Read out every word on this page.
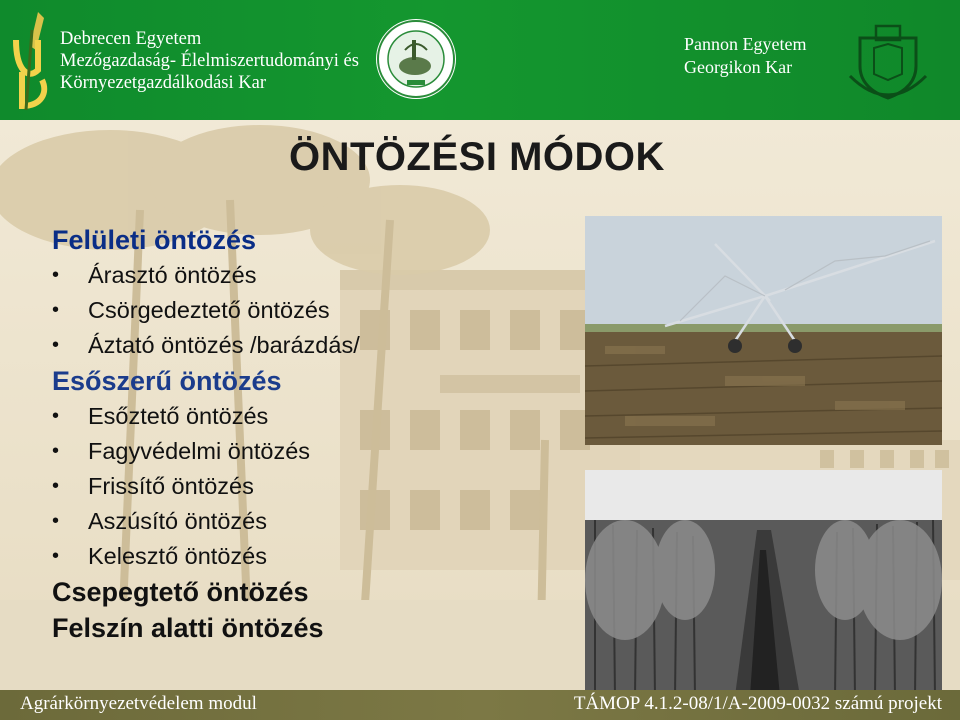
Debrecen Egyetem
Mezőgazdaság- Élelmiszertudományi és
Környezetgazdálkodási Kar
Pannon Egyetem
Georgikon Kar
ÖNTÖZÉSI MÓDOK
Felületi öntözés
• Árasztó öntözés
• Csörgedeztető öntözés
• Áztató öntözés /barázdás/
Esőszerű öntözés
• Esőztető öntözés
• Fagyvédelmi öntözés
• Frissítő öntözés
• Aszúsító öntözés
• Kelesztő öntözés
Csepegtető öntözés
Felszín alatti öntözés
Agrárkörnyezetvédelem modul	TÁMOP 4.1.2-08/1/A-2009-0032 számú projekt
